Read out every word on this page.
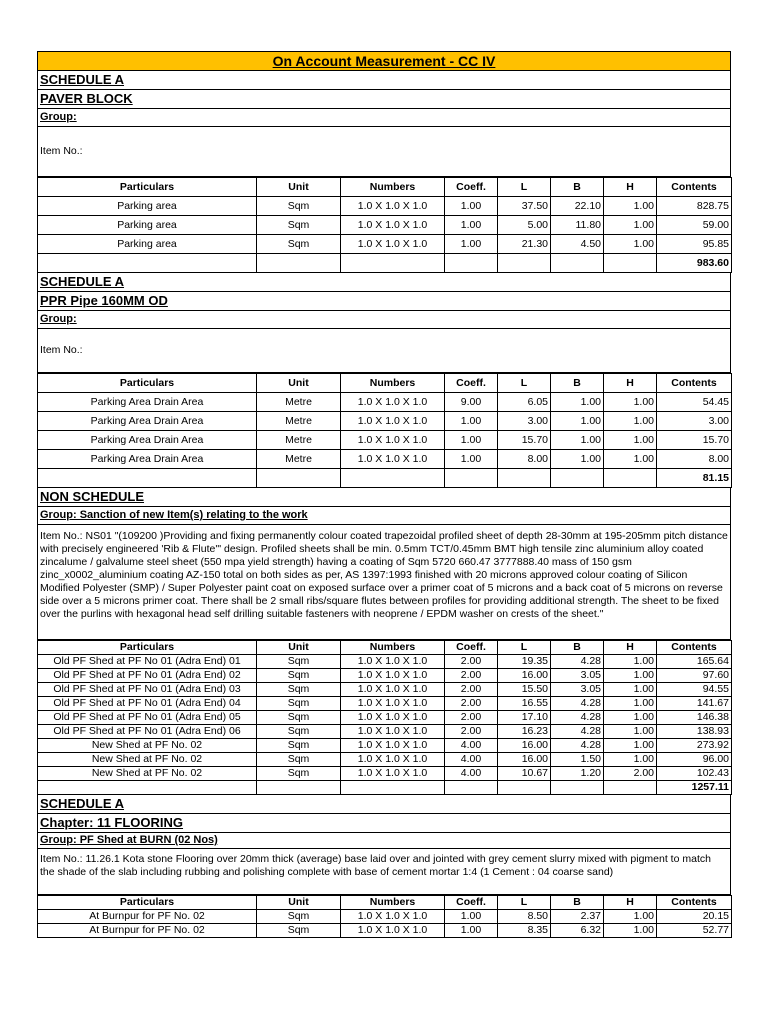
On Account Measurement - CC IV
SCHEDULE A
PAVER BLOCK
Group:
Item No.:
Particulars	Unit	Numbers	Coeff.	L	B	H	Contents
Parking area	Sqm	1.0 X 1.0 X 1.0	1.00	37.50	22.10	1.00	828.75
Parking area	Sqm	1.0 X 1.0 X 1.0	1.00	5.00	11.80	1.00	59.00
Parking area	Sqm	1.0 X 1.0 X 1.0	1.00	21.30	4.50	1.00	95.85
							983.60
SCHEDULE A
PPR Pipe 160MM OD
Group:
Item No.:
Particulars	Unit	Numbers	Coeff.	L	B	H	Contents
Parking Area Drain Area	Metre	1.0 X 1.0 X 1.0	9.00	6.05	1.00	1.00	54.45
Parking Area Drain Area	Metre	1.0 X 1.0 X 1.0	1.00	3.00	1.00	1.00	3.00
Parking Area Drain Area	Metre	1.0 X 1.0 X 1.0	1.00	15.70	1.00	1.00	15.70
Parking Area Drain Area	Metre	1.0 X 1.0 X 1.0	1.00	8.00	1.00	1.00	8.00
							81.15
NON SCHEDULE
Group: Sanction of new Item(s) relating to the work
Item No.: NS01 "(109200 )Providing and fixing permanently colour coated trapezoidal profiled sheet of depth 28-30mm at 195-205mm pitch distance with precisely engineered 'Rib & Flute'" design. Profiled sheets shall be min. 0.5mm TCT/0.45mm BMT high tensile zinc aluminium alloy coated zincalume / galvalume steel sheet (550 mpa yield strength) having a coating of Sqm 5720 660.47 3777888.40 mass of 150 gsm zinc_x0002_aluminium coating AZ-150 total on both sides as per, AS 1397:1993 finished with 20 microns approved colour coating of Silicon Modified Polyester (SMP) / Super Polyester paint coat on exposed surface over a primer coat of 5 microns and a back coat of 5 microns on reverse side over a 5 microns primer coat. There shall be 2 small ribs/square flutes between profiles for providing additional strength. The sheet to be fixed over the purlins with hexagonal head self drilling suitable fasteners with neoprene / EPDM washer on crests of the sheet."
Particulars	Unit	Numbers	Coeff.	L	B	H	Contents
Old PF Shed at PF No 01 (Adra End) 01	Sqm	1.0 X 1.0 X 1.0	2.00	19.35	4.28	1.00	165.64
Old PF Shed at PF No 01 (Adra End) 02	Sqm	1.0 X 1.0 X 1.0	2.00	16.00	3.05	1.00	97.60
Old PF Shed at PF No 01 (Adra End) 03	Sqm	1.0 X 1.0 X 1.0	2.00	15.50	3.05	1.00	94.55
Old PF Shed at PF No 01 (Adra End) 04	Sqm	1.0 X 1.0 X 1.0	2.00	16.55	4.28	1.00	141.67
Old PF Shed at PF No 01 (Adra End) 05	Sqm	1.0 X 1.0 X 1.0	2.00	17.10	4.28	1.00	146.38
Old PF Shed at PF No 01 (Adra End) 06	Sqm	1.0 X 1.0 X 1.0	2.00	16.23	4.28	1.00	138.93
New Shed at PF No. 02	Sqm	1.0 X 1.0 X 1.0	4.00	16.00	4.28	1.00	273.92
New Shed at PF No. 02	Sqm	1.0 X 1.0 X 1.0	4.00	16.00	1.50	1.00	96.00
New Shed at PF No. 02	Sqm	1.0 X 1.0 X 1.0	4.00	10.67	1.20	2.00	102.43
							1257.11
SCHEDULE A
Chapter: 11 FLOORING
Group: PF Shed at BURN (02 Nos)
Item No.: 11.26.1 Kota stone Flooring over 20mm thick (average) base laid over and jointed with grey cement slurry mixed with pigment to match the shade of the slab including rubbing and polishing complete with base of cement mortar 1:4 (1 Cement : 04 coarse sand)
Particulars	Unit	Numbers	Coeff.	L	B	H	Contents
At Burnpur for PF No. 02	Sqm	1.0 X 1.0 X 1.0	1.00	8.50	2.37	1.00	20.15
At Burnpur for PF No. 02	Sqm	1.0 X 1.0 X 1.0	1.00	8.35	6.32	1.00	52.77
